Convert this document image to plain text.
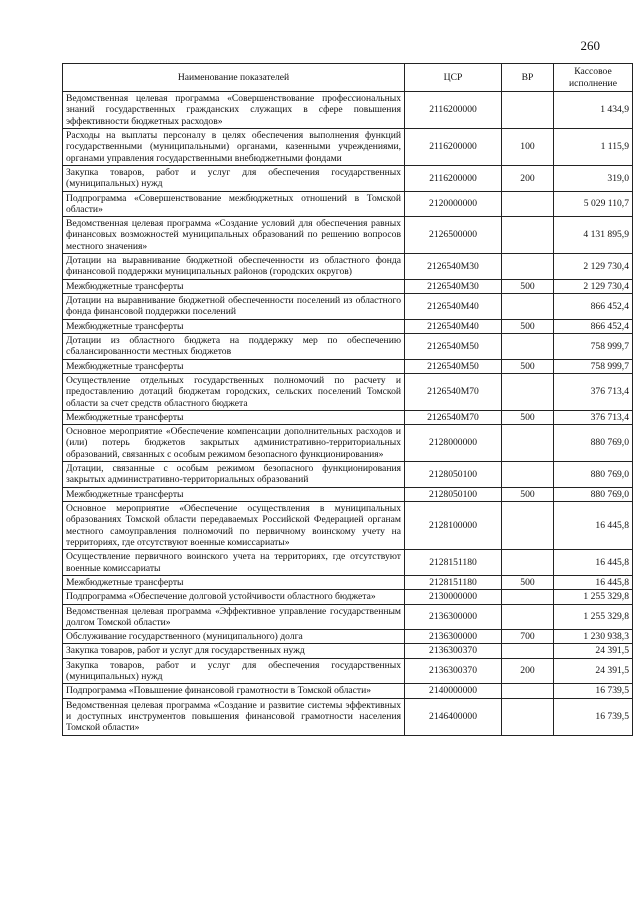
260
Наименование показателей	ЦСР	ВР	Кассовое исполнение
Ведомственная целевая программа «Совершенствование профессиональных знаний государственных гражданских служащих в сфере повышения эффективности бюджетных расходов»	2116200000		1 434,9
Расходы на выплаты персоналу в целях обеспечения выполнения функций государственными (муниципальными) органами, казенными учреждениями, органами управления государственными внебюджетными фондами	2116200000	100	1 115,9
Закупка товаров, работ и услуг для обеспечения государственных (муниципальных) нужд	2116200000	200	319,0
Подпрограмма «Совершенствование межбюджетных отношений в Томской области»	2120000000		5 029 110,7
Ведомственная целевая программа «Создание условий для обеспечения равных финансовых возможностей муниципальных образований по решению вопросов местного значения»	2126500000		4 131 895,9
Дотации на выравнивание бюджетной обеспеченности из областного фонда финансовой поддержки муниципальных районов (городских округов)	2126540М30		2 129 730,4
Межбюджетные трансферты	2126540М30	500	2 129 730,4
Дотации на выравнивание бюджетной обеспеченности поселений из областного фонда финансовой поддержки поселений	2126540М40		866 452,4
Межбюджетные трансферты	2126540М40	500	866 452,4
Дотации из областного бюджета на поддержку мер по обеспечению сбалансированности местных бюджетов	2126540М50		758 999,7
Межбюджетные трансферты	2126540М50	500	758 999,7
Осуществление отдельных государственных полномочий по расчету и предоставлению дотаций бюджетам городских, сельских поселений Томской области за счет средств областного бюджета	2126540М70		376 713,4
Межбюджетные трансферты	2126540М70	500	376 713,4
Основное мероприятие «Обеспечение компенсации дополнительных расходов и (или) потерь бюджетов закрытых административно-территориальных образований, связанных с особым режимом безопасного функционирования»	2128000000		880 769,0
Дотации, связанные с особым режимом безопасного функционирования закрытых административно-территориальных образований	2128050100		880 769,0
Межбюджетные трансферты	2128050100	500	880 769,0
Основное мероприятие «Обеспечение осуществления в муниципальных образованиях Томской области передаваемых Российской Федерацией органам местного самоуправления полномочий по первичному воинскому учету на территориях, где отсутствуют военные комиссариаты»	2128100000		16 445,8
Осуществление первичного воинского учета на территориях, где отсутствуют военные комиссариаты	2128151180		16 445,8
Межбюджетные трансферты	2128151180	500	16 445,8
Подпрограмма «Обеспечение долговой устойчивости областного бюджета»	2130000000		1 255 329,8
Ведомственная целевая программа «Эффективное управление государственным долгом Томской области»	2136300000		1 255 329,8
Обслуживание государственного (муниципального) долга	2136300000	700	1 230 938,3
Закупка товаров, работ и услуг для государственных нужд	2136300370		24 391,5
Закупка товаров, работ и услуг для обеспечения государственных (муниципальных) нужд	2136300370	200	24 391,5
Подпрограмма «Повышение финансовой грамотности в Томской области»	2140000000		16 739,5
Ведомственная целевая программа «Создание и развитие системы эффективных и доступных инструментов повышения финансовой грамотности населения Томской области»	2146400000		16 739,5
